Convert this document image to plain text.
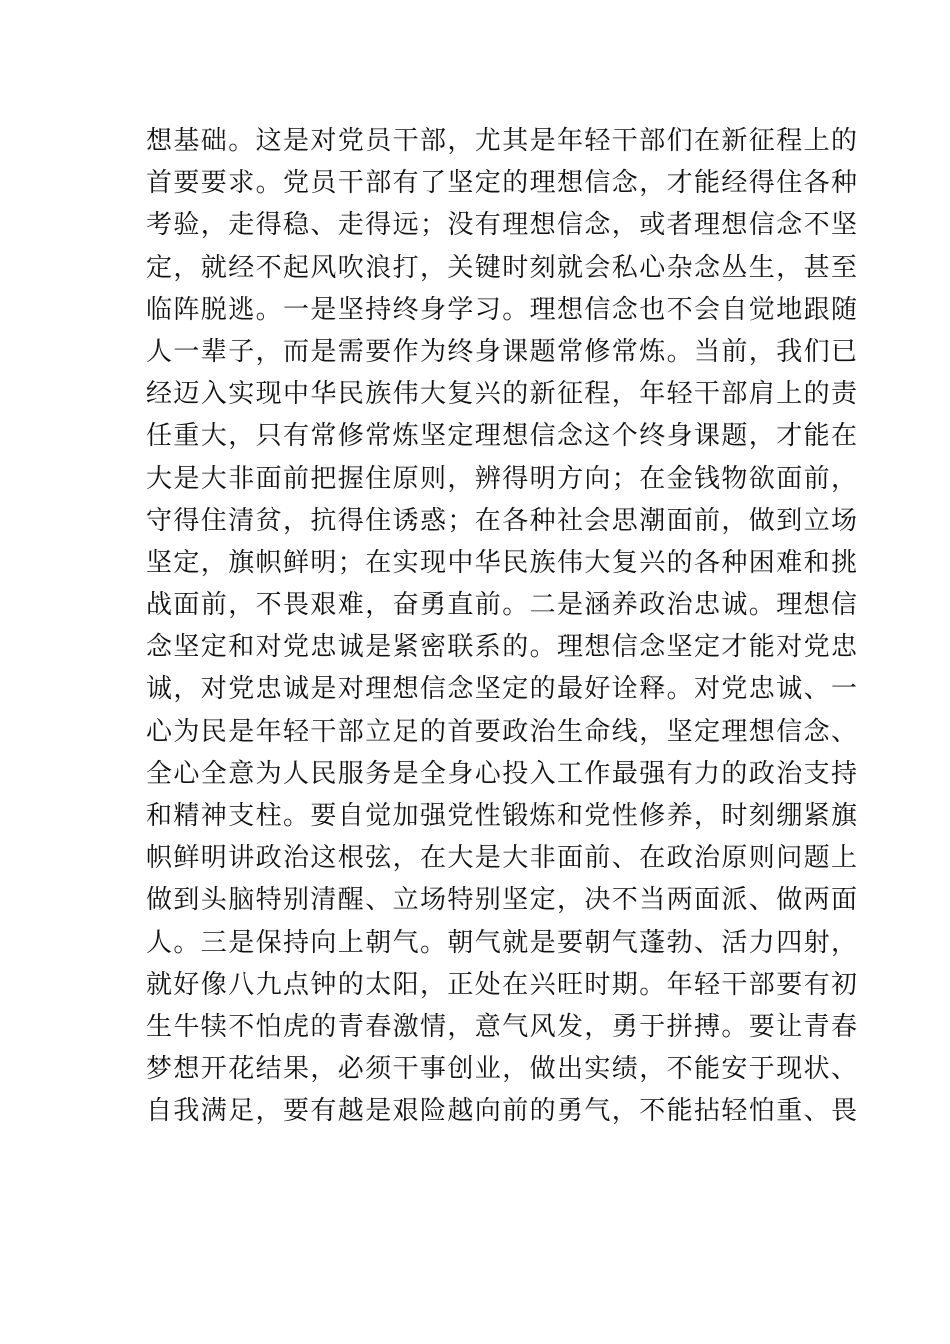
想基础。这是对党员干部，尤其是年轻干部们在新征程上的
首要要求。党员干部有了坚定的理想信念，才能经得住各种
考验，走得稳、走得远；没有理想信念，或者理想信念不坚
定，就经不起风吹浪打，关键时刻就会私心杂念丛生，甚至
临阵脱逃。一是坚持终身学习。理想信念也不会自觉地跟随
人一辈子，而是需要作为终身课题常修常炼。当前，我们已
经迈入实现中华民族伟大复兴的新征程，年轻干部肩上的责
任重大，只有常修常炼坚定理想信念这个终身课题，才能在
大是大非面前把握住原则，辨得明方向；在金钱物欲面前，
守得住清贫，抗得住诱惑；在各种社会思潮面前，做到立场
坚定，旗帜鲜明；在实现中华民族伟大复兴的各种困难和挑
战面前，不畏艰难，奋勇直前。二是涵养政治忠诚。理想信
念坚定和对党忠诚是紧密联系的。理想信念坚定才能对党忠
诚，对党忠诚是对理想信念坚定的最好诠释。对党忠诚、一
心为民是年轻干部立足的首要政治生命线，坚定理想信念、
全心全意为人民服务是全身心投入工作最强有力的政治支持
和精神支柱。要自觉加强党性锻炼和党性修养，时刻绷紧旗
帜鲜明讲政治这根弦，在大是大非面前、在政治原则问题上
做到头脑特别清醒、立场特别坚定，决不当两面派、做两面
人。三是保持向上朝气。朝气就是要朝气蓬勃、活力四射，
就好像八九点钟的太阳，正处在兴旺时期。年轻干部要有初
生牛犊不怕虎的青春激情，意气风发，勇于拼搏。要让青春
梦想开花结果，必须干事创业，做出实绩，不能安于现状、
自我满足，要有越是艰险越向前的勇气，不能拈轻怕重、畏
